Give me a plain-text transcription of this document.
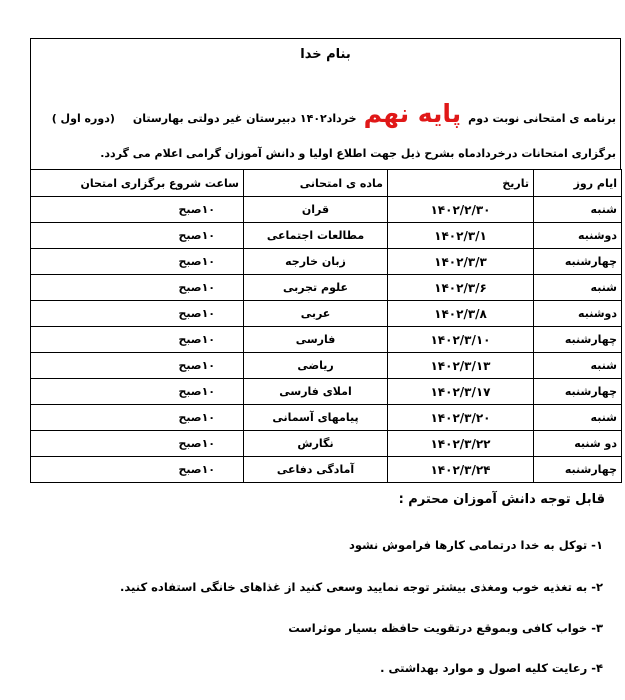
بنام خدا
برنامه ی امتحانی نوبت دوم
پایه نهم
خرداد۱۴۰۲ دبیرستان غیر دولتی بهارستان
(دوره اول )
برگزاری امتحانات درخردادماه بشرح ذیل جهت اطلاع اولیا و دانش آموزان گرامی اعلام می گردد.
ایام روز	تاریخ	ماده ی امتحانی	ساعت شروع برگزاری امتحان	
شنبه	۱۴۰۲/۲/۳۰	قران	۱۰صبح	
دوشنبه	۱۴۰۲/۳/۱	مطالعات اجتماعی	۱۰صبح	
چهارشنبه	۱۴۰۲/۳/۳	زبان خارجه	۱۰صبح	
شنبه	۱۴۰۲/۳/۶	علوم تجربی	۱۰صبح	
دوشنبه	۱۴۰۲/۳/۸	عربی	۱۰صبح	
چهارشنبه	۱۴۰۲/۳/۱۰	فارسی	۱۰صبح	
شنبه	۱۴۰۲/۳/۱۳	ریاضی	۱۰صبح	
چهارشنبه	۱۴۰۲/۳/۱۷	املای فارسی	۱۰صبح	
شنبه	۱۴۰۲/۳/۲۰	پیامهای آسمانی	۱۰صبح	
دو شنبه	۱۴۰۲/۳/۲۲	نگارش	۱۰صبح	
چهارشنبه	۱۴۰۲/۳/۲۴	آمادگی دفاعی	۱۰صبح	
قابل توجه دانش آموزان محترم :
۱- توکل به خدا درتمامی کارها فراموش نشود
۲- به تغذیه خوب ومغذی بیشتر توجه نمایید وسعی کنید از غذاهای خانگی استفاده کنید.
۳- خواب کافی وبموقع درتقویت حافظه بسیار موثراست
۴- رعایت کلیه اصول و موارد بهداشتی .
